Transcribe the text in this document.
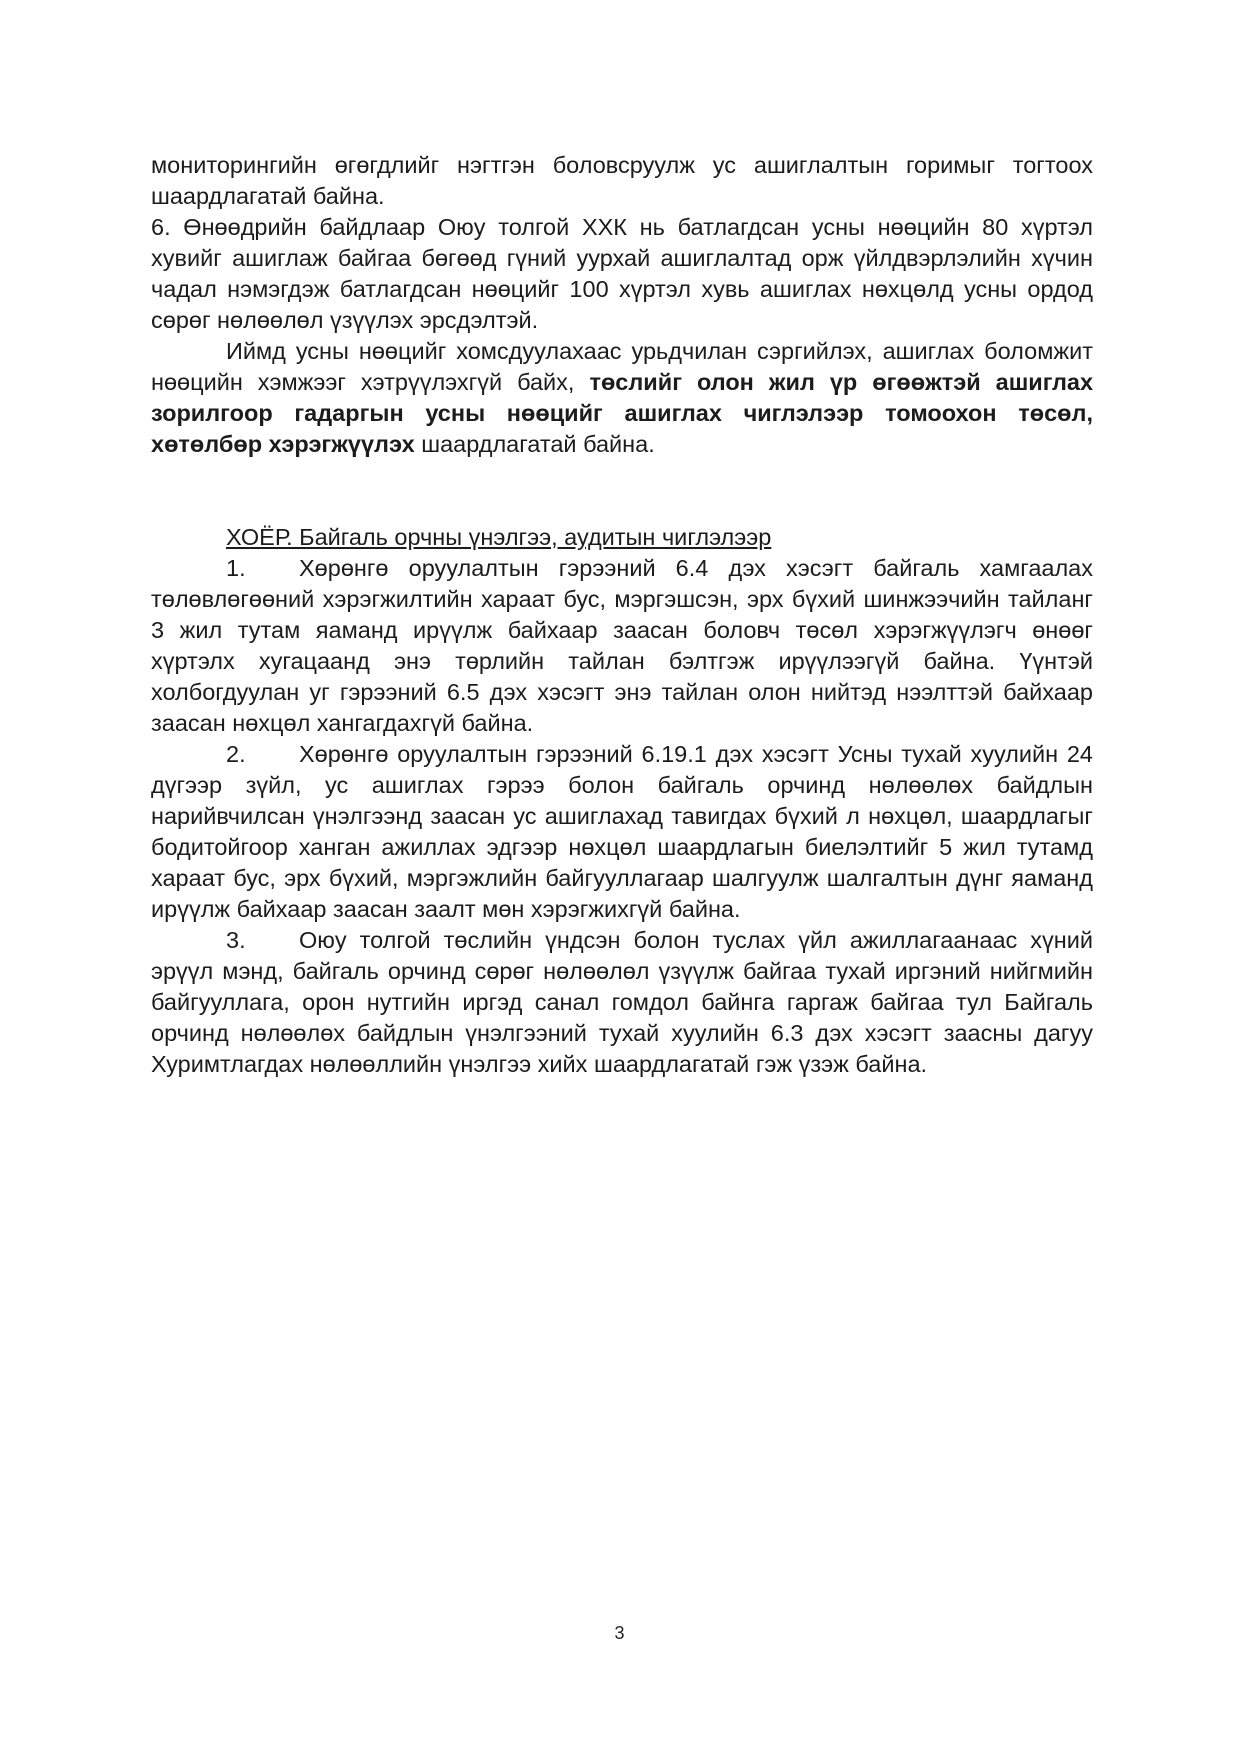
мониторингийн өгөгдлийг нэгтгэн боловсруулж ус ашиглалтын горимыг тогтоох шаардлагатай байна.

6. Өнөөдрийн байдлаар Оюу толгой ХХК нь батлагдсан усны нөөцийн 80 хүртэл хувийг ашиглаж байгаа бөгөөд гүний уурхай ашиглалтад орж үйлдвэрлэлийн хүчин чадал нэмэгдэж батлагдсан нөөцийг 100 хүртэл хувь ашиглах нөхцөлд усны ордод сөрөг нөлөөлөл үзүүлэх эрсдэлтэй.

Иймд усны нөөцийг хомсдуулахаас урьдчилан сэргийлэх, ашиглах боломжит нөөцийн хэмжээг хэтрүүлэхгүй байх, төслийг олон жил үр өгөөжтэй ашиглах зорилгоор гадаргын усны нөөцийг ашиглах чиглэлээр томоохон төсөл, хөтөлбөр хэрэгжүүлэх шаардлагатай байна.

ХОЁР. Байгаль орчны үнэлгээ, аудитын чиглэлээр

1. Хөрөнгө оруулалтын гэрээний 6.4 дэх хэсэгт байгаль хамгаалах төлөвлөгөөний хэрэгжилтийн хараат бус, мэргэшсэн, эрх бүхий шинжээчийн тайланг 3 жил тутам яаманд ирүүлж байхаар заасан боловч төсөл хэрэгжүүлэгч өнөөг хүртэлх хугацаанд энэ төрлийн тайлан бэлтгэж ирүүлээгүй байна. Үүнтэй холбогдуулан уг гэрээний 6.5 дэх хэсэгт энэ тайлан олон нийтэд нээлттэй байхаар заасан нөхцөл хангагдахгүй байна.

2. Хөрөнгө оруулалтын гэрээний 6.19.1 дэх хэсэгт Усны тухай хуулийн 24 дүгээр зүйл, ус ашиглах гэрээ болон байгаль орчинд нөлөөлөх байдлын нарийвчилсан үнэлгээнд заасан ус ашиглахад тавигдах бүхий л нөхцөл, шаардлагыг бодитойгоор ханган ажиллах эдгээр нөхцөл шаардлагын биелэлтийг 5 жил тутамд хараат бус, эрх бүхий, мэргэжлийн байгууллагаар шалгуулж шалгалтын дүнг яаманд ирүүлж байхаар заасан заалт мөн хэрэгжихгүй байна.

3. Оюу толгой төслийн үндсэн болон туслах үйл ажиллагаанаас хүний эрүүл мэнд, байгаль орчинд сөрөг нөлөөлөл үзүүлж байгаа тухай иргэний нийгмийн байгууллага, орон нутгийн иргэд санал гомдол байнга гаргаж байгаа тул Байгаль орчинд нөлөөлөх байдлын үнэлгээний тухай хуулийн 6.3 дэх хэсэгт заасны дагуу Хуримтлагдах нөлөөллийн үнэлгээ хийх шаардлагатай гэж үзэж байна.

3
